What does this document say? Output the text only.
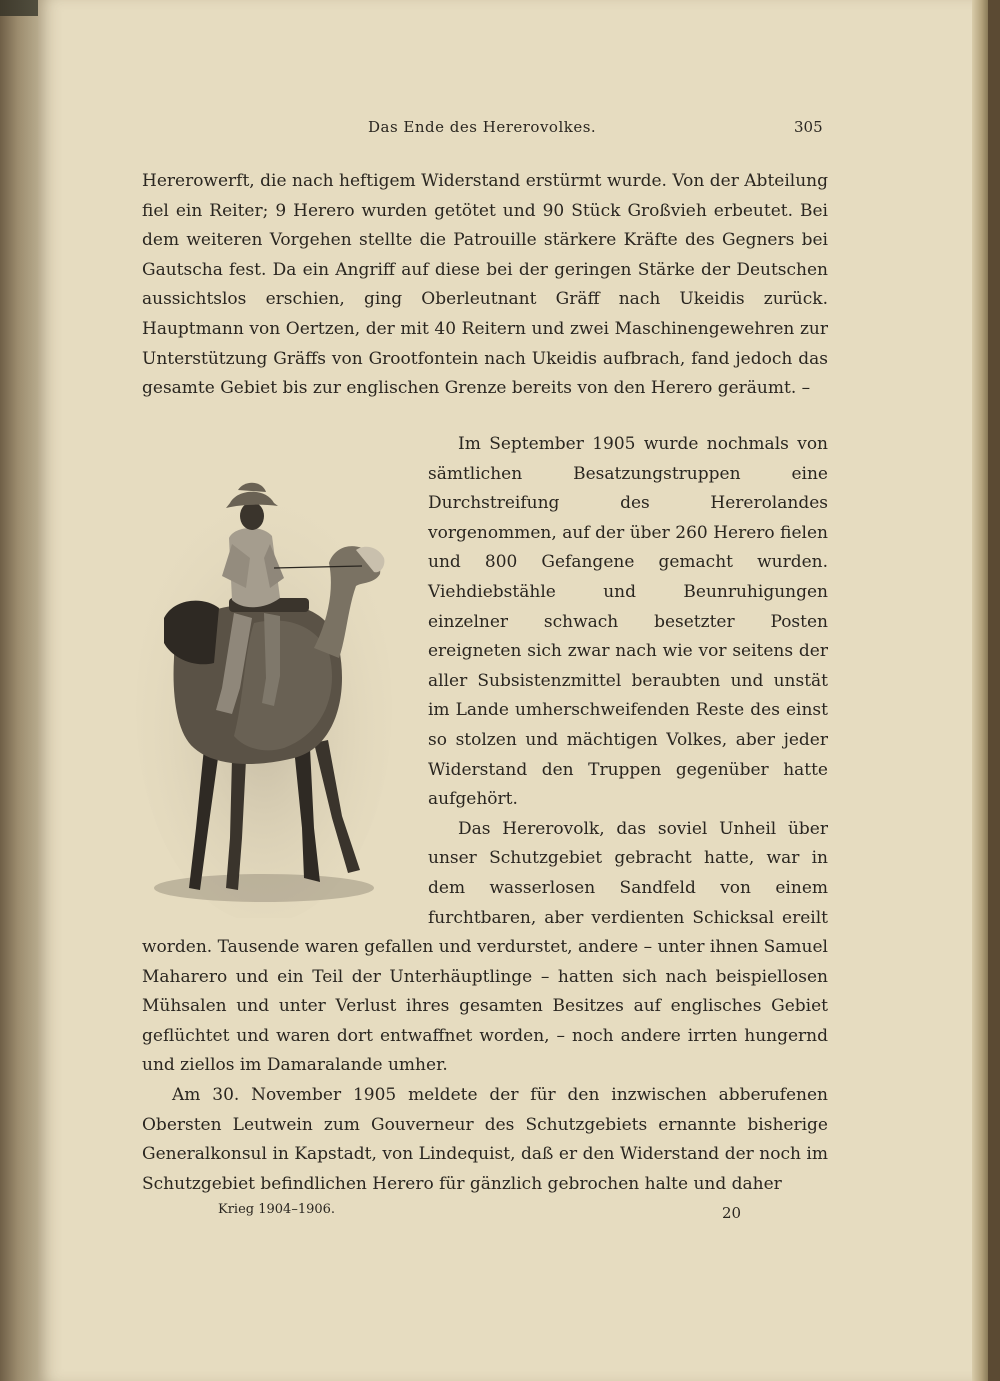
Das Ende des Hererovolkes.	305

Hererowerft, die nach heftigem Widerstand erstürmt wurde. Von der Abteilung fiel ein Reiter; 9 Herero wurden getötet und 90 Stück Großvieh erbeutet. Bei dem weiteren Vorgehen stellte die Patrouille stärkere Kräfte des Gegners bei Gautscha fest. Da ein Angriff auf diese bei der geringen Stärke der Deutschen aussichtslos erschien, ging Oberleutnant Gräff nach Ukeidis zurück. Hauptmann von Oertzen, der mit 40 Reitern und zwei Maschinengewehren zur Unterstützung Gräffs von Grootfontein nach Ukeidis aufbrach, fand jedoch das gesamte Gebiet bis zur englischen Grenze bereits von den Herero geräumt. –

Im September 1905 wurde nochmals von sämtlichen Besatzungstruppen eine Durchstreifung des Hererolandes vorgenommen, auf der über 260 Herero fielen und 800 Gefangene gemacht wurden. Viehdiebstähle und Beunruhigungen einzelner schwach besetzter Posten ereigneten sich zwar nach wie vor seitens der aller Subsistenzmittel beraubten und unstät im Lande umherschweifenden Reste des einst so stolzen und mächtigen Volkes, aber jeder Widerstand den Truppen gegenüber hatte aufgehört.

Das Hererovolk, das soviel Unheil über unser Schutzgebiet gebracht hatte, war in dem wasserlosen Sandfeld von einem furchtbaren, aber verdienten Schicksal ereilt worden. Tausende waren gefallen und verdurstet, andere – unter ihnen Samuel Maharero und ein Teil der Unterhäuptlinge – hatten sich nach beispiellosen Mühsalen und unter Verlust ihres gesamten Besitzes auf englisches Gebiet geflüchtet und waren dort entwaffnet worden, – noch andere irrten hungernd und ziellos im Damaralande umher.

Am 30. November 1905 meldete der für den inzwischen abberufenen Obersten Leutwein zum Gouverneur des Schutzgebiets ernannte bisherige Generalkonsul in Kapstadt, von Lindequist, daß er den Widerstand der noch im Schutzgebiet befindlichen Herero für gänzlich gebrochen halte und daher

Krieg 1904–1906.	20
